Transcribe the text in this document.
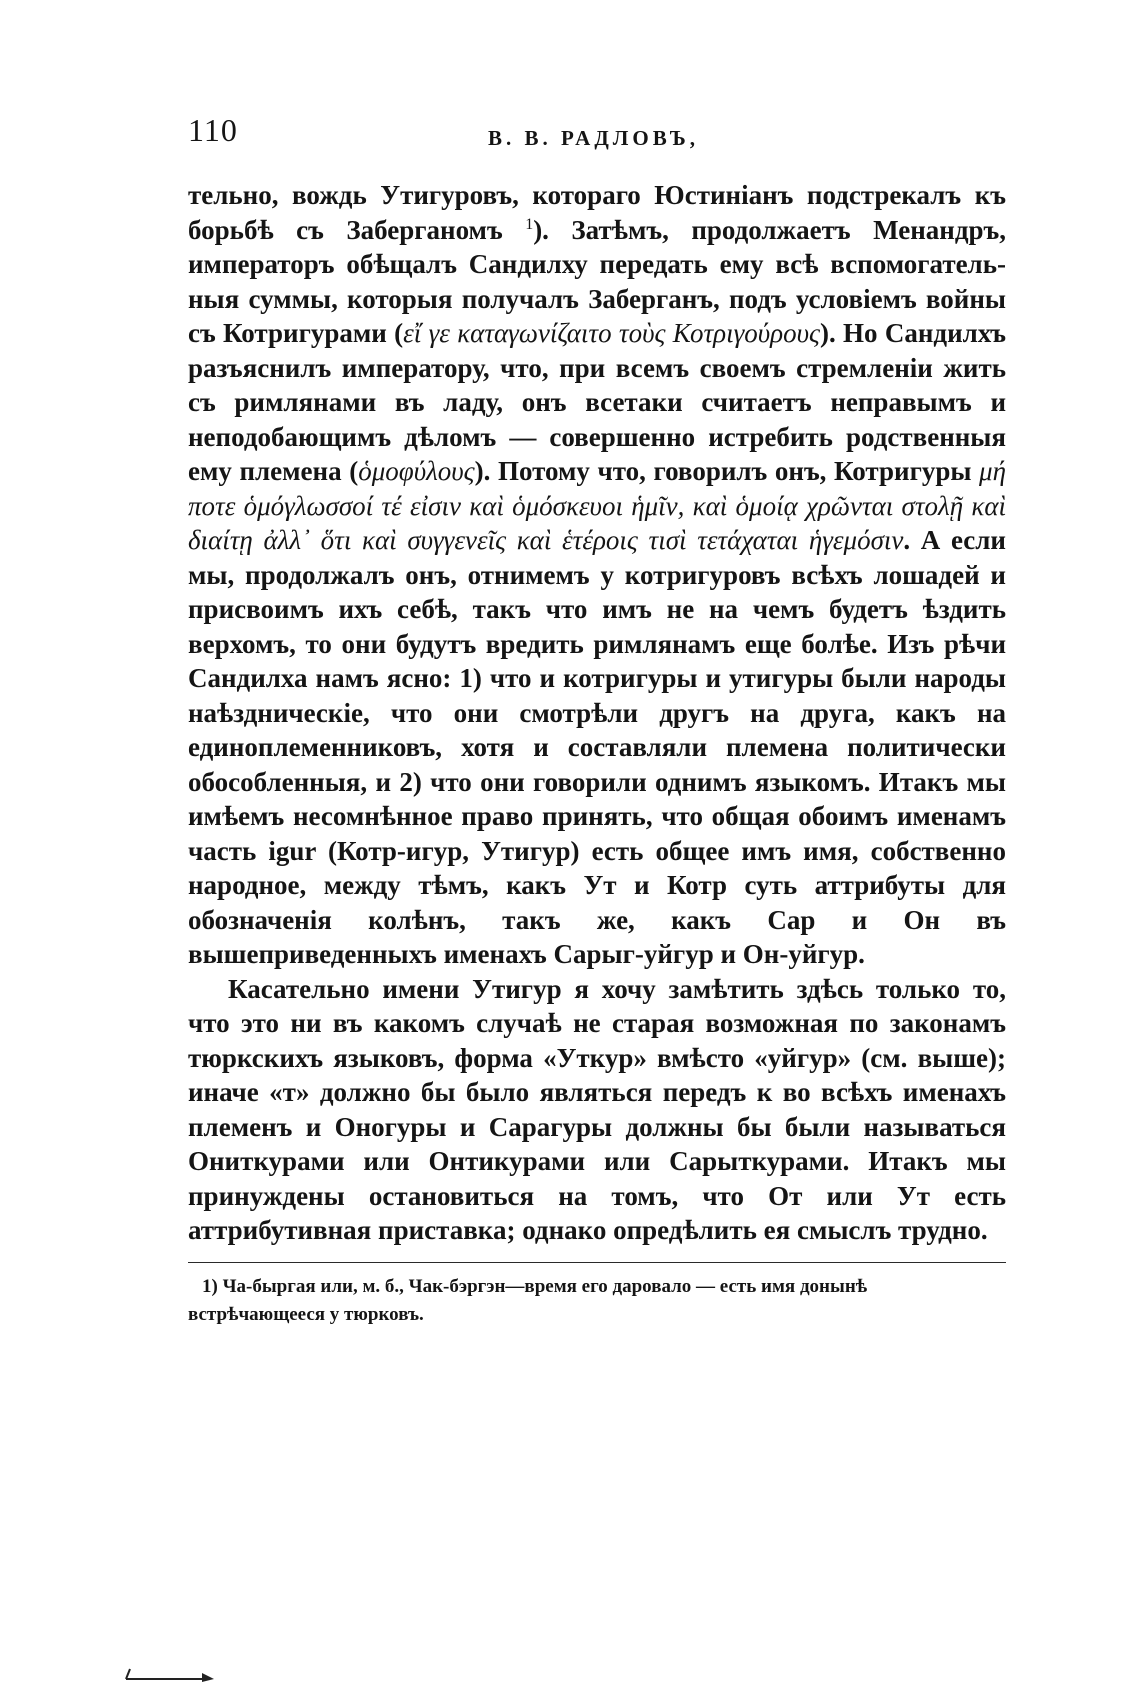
110	В. В. РАДЛОВЪ,

тельно, вождь Утигуровъ, котораго Юстиніанъ подстрекалъ къ борьбѣ съ Заберганомъ $^1$). Затѣмъ, продолжаетъ Менандръ, императоръ обѣщалъ Сандилху передать ему всѣ вспомогательныя суммы, которыя получалъ Заберганъ, подъ условіемъ войны съ Котригурами (εἴ γε καταγωνίζαιτο τοὺς Κοτριγούρους). Но Сандилхъ разъяснилъ императору, что, при всемъ своемъ стремленіи жить съ римлянами въ ладу, онъ всетаки считаетъ неправымъ и неподобающимъ дѣломъ — совершенно истребить родственныя ему племена (ὁμοφύλους). Потому что, говорилъ онъ, Котригуры μή ποτε ὁμόγλωσσοί τέ εἰσιν καὶ ὁμόσκευοι ἡμῖν, καὶ ὁμοίᾳ χρῶνται στολῇ καὶ διαίτῃ ἀλλ᾽ ὅτι καὶ συγγενεῖς καὶ ἑτέροις τισὶ τετάχαται ἡγεμόσιν. А если мы, продолжалъ онъ, отнимемъ у котригуровъ всѣхъ лошадей и присвоимъ ихъ себѣ, такъ что имъ не на чемъ будетъ ѣздить верхомъ, то они будутъ вредить римлянамъ еще болѣе. Изъ рѣчи Сандилха намъ ясно: 1) что и котригуры и утигуры были народы наѣздническіе, что они смотрѣли другъ на друга, какъ на единоплеменниковъ, хотя и составляли племена политически обособленныя, и 2) что они говорили однимъ языкомъ. Итакъ мы имѣемъ несомнѣнное право принять, что общая обоимъ именамъ часть igur (Котр-игур, Утигур) есть общее имъ имя, собственно народное, между тѣмъ, какъ Ут и Котр суть аттрибуты для обозначенія колѣнъ, такъ же, какъ Сар и Он въ вышеприведенныхъ именахъ Сарыг-уйгур и Он-уйгур.

Касательно имени Утигур я хочу замѣтить здѣсь только то, что это ни въ какомъ случаѣ не старая возможная по законамъ тюркскихъ языковъ, форма «Уткур» вмѣсто «уйгур» (см. выше); иначе «т» должно бы было являться передъ к во всѣхъ именахъ племенъ и Оногуры и Сарагуры должны бы были называться Ониткурами или Онтикурами или Сарыткурами. Итакъ мы принуждены остановиться на томъ, что От или Ут есть аттрибутивная приставка; однако опредѣлить ея смыслъ трудно.

1) Ча-быргая или, м. б., Чак-бэргэн—время его даровало — есть имя донынѣ встрѣчающееся у тюрковъ.
